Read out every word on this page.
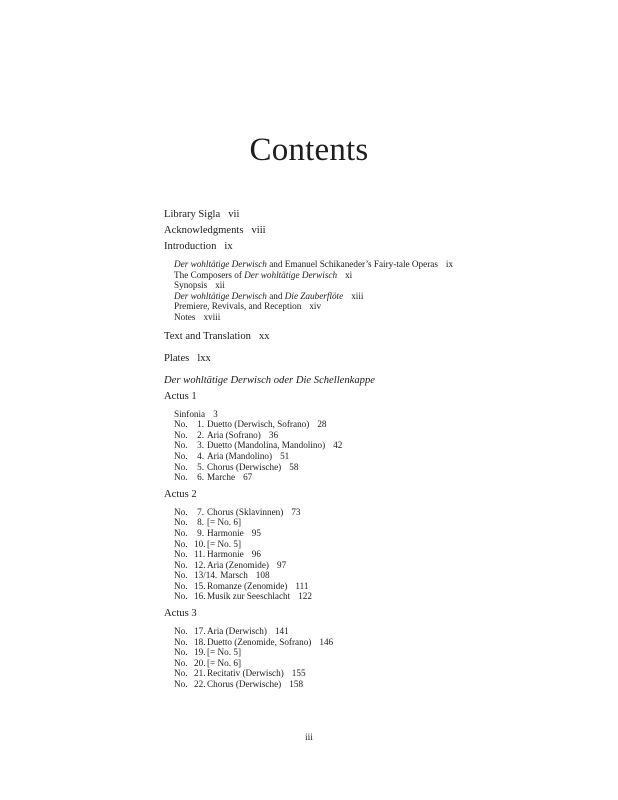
Contents
Library Sigla vii
Acknowledgments viii
Introduction ix
Der wohltätige Derwisch and Emanuel Schikaneder’s Fairy-tale Operas ix
The Composers of Der wohltätige Derwisch xi
Synopsis xii
Der wohltätige Derwisch and Die Zauberflöte xiii
Premiere, Revivals, and Reception xiv
Notes xviii
Text and Translation xx
Plates lxx
Der wohltätige Derwisch oder Die Schellenkappe
Actus 1
Sinfonia 3
No. 1. Duetto (Derwisch, Sofrano) 28
No. 2. Aria (Sofrano) 36
No. 3. Duetto (Mandolina, Mandolino) 42
No. 4. Aria (Mandolino) 51
No. 5. Chorus (Derwische) 58
No. 6. Marche 67
Actus 2
No. 7. Chorus (Sklavinnen) 73
No. 8. [= No. 6]
No. 9. Harmonie 95
No. 10. [= No. 5]
No. 11. Harmonie 96
No. 12. Aria (Zenomide) 97
No. 13/14. Marsch 108
No. 15. Romanze (Zenomide) 111
No. 16. Musik zur Seeschlacht 122
Actus 3
No. 17. Aria (Derwisch) 141
No. 18. Duetto (Zenomide, Sofrano) 146
No. 19. [= No. 5]
No. 20. [= No. 6]
No. 21. Recitativ (Derwisch) 155
No. 22. Chorus (Derwische) 158
iii
